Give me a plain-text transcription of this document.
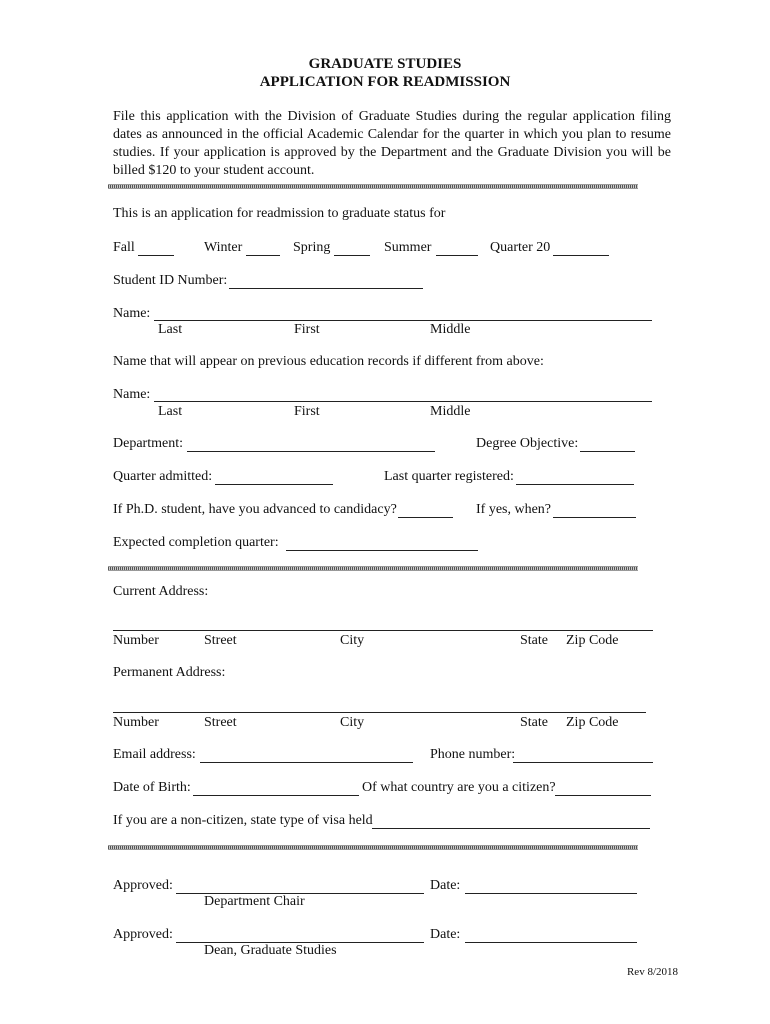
GRADUATE STUDIES
APPLICATION FOR READMISSION
File this application with the Division of Graduate Studies during the regular application filing dates as announced in the official Academic Calendar for the quarter in which you plan to resume studies. If your application is approved by the Department and the Graduate Division you will be billed $120 to your student account.
This is an application for readmission to graduate status for
Fall	Winter	Spring	Summer	Quarter 20
Student ID Number:
Name:
Last	First	Middle
Name that will appear on previous education records if different from above:
Name:
Last	First	Middle
Department:	Degree Objective:
Quarter admitted:	Last quarter registered:
If Ph.D. student, have you advanced to candidacy?	If yes, when?
Expected completion quarter:
Current Address:
Number	Street	City	State Zip Code
Permanent Address:
Number	Street	City	State Zip Code
Email address:	Phone number:
Date of Birth:	Of what country are you a citizen?
If you are a non-citizen, state type of visa held
Approved:	Date:
Department Chair
Approved:	Date:
Dean, Graduate Studies
Rev 8/2018
